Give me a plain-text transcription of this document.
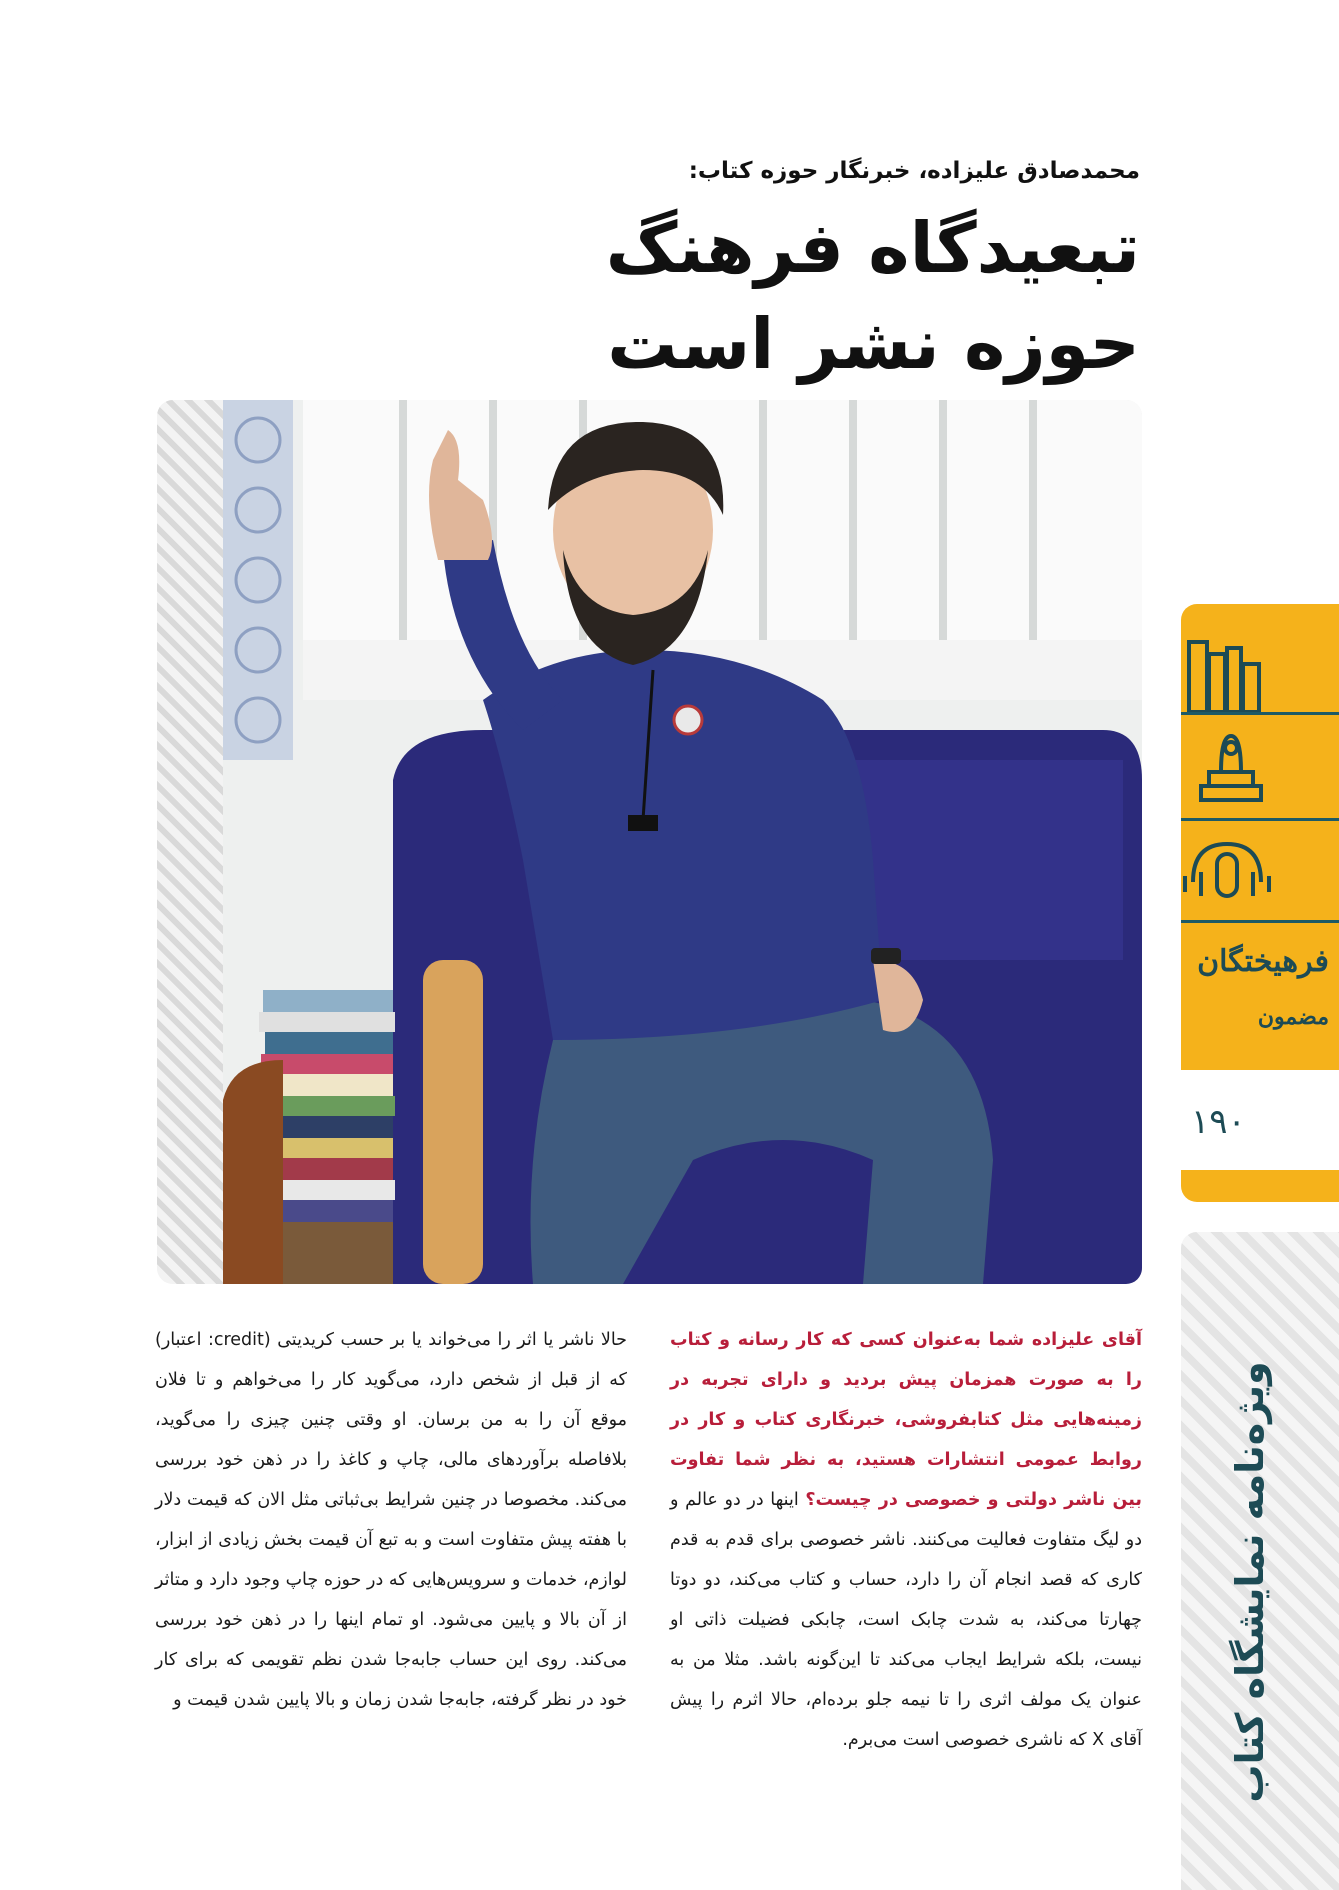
محمدصادق علیزاده، خبرنگار حوزه کتاب:
تبعیدگاه فرهنگ
حوزه نشر است
فرهیختگان
مضمون
۱۹۰
ویژه‌نامه نمایشگاه کتاب
آقای علیزاده شما به‌عنوان کسی که کار رسانه و کتاب را به صورت همزمان پیش بردید و دارای تجربه در زمینه‌هایی مثل کتابفروشی، خبرنگاری کتاب و کار در روابط عمومی انتشارات هستید، به نظر شما تفاوت بین ناشر دولتی و خصوصی در چیست؟ اینها در دو عالم و دو لیگ متفاوت فعالیت می‌کنند. ناشر خصوصی برای قدم به قدم کاری که قصد انجام آن را دارد، حساب و کتاب می‌کند، دو دوتا چهارتا می‌کند، به شدت چابک است، چابکی فضیلت ذاتی او نیست، بلکه شرایط ایجاب می‌کند تا این‌گونه باشد. مثلا من به عنوان یک مولف اثری را تا نیمه جلو برده‌ام، حالا اثرم را پیش آقای X که ناشری خصوصی است می‌برم.
حالا ناشر یا اثر را می‌خواند یا بر حسب کریدیتی (credit: اعتبار) که از قبل از شخص دارد، می‌گوید کار را می‌خواهم و تا فلان موقع آن را به من برسان. او وقتی چنین چیزی را می‌گوید، بلافاصله برآوردهای مالی، چاپ و کاغذ را در ذهن خود بررسی می‌کند. مخصوصا در چنین شرایط بی‌ثباتی مثل الان که قیمت دلار با هفته پیش متفاوت است و به تبع آن قیمت بخش زیادی از ابزار، لوازم، خدمات و سرویس‌هایی که در حوزه چاپ وجود دارد و متاثر از آن بالا و پایین می‌شود. او تمام اینها را در ذهن خود بررسی می‌کند. روی این حساب جابه‌جا شدن نظم تقویمی که برای کار خود در نظر گرفته، جابه‌جا شدن زمان و بالا پایین شدن قیمت و
